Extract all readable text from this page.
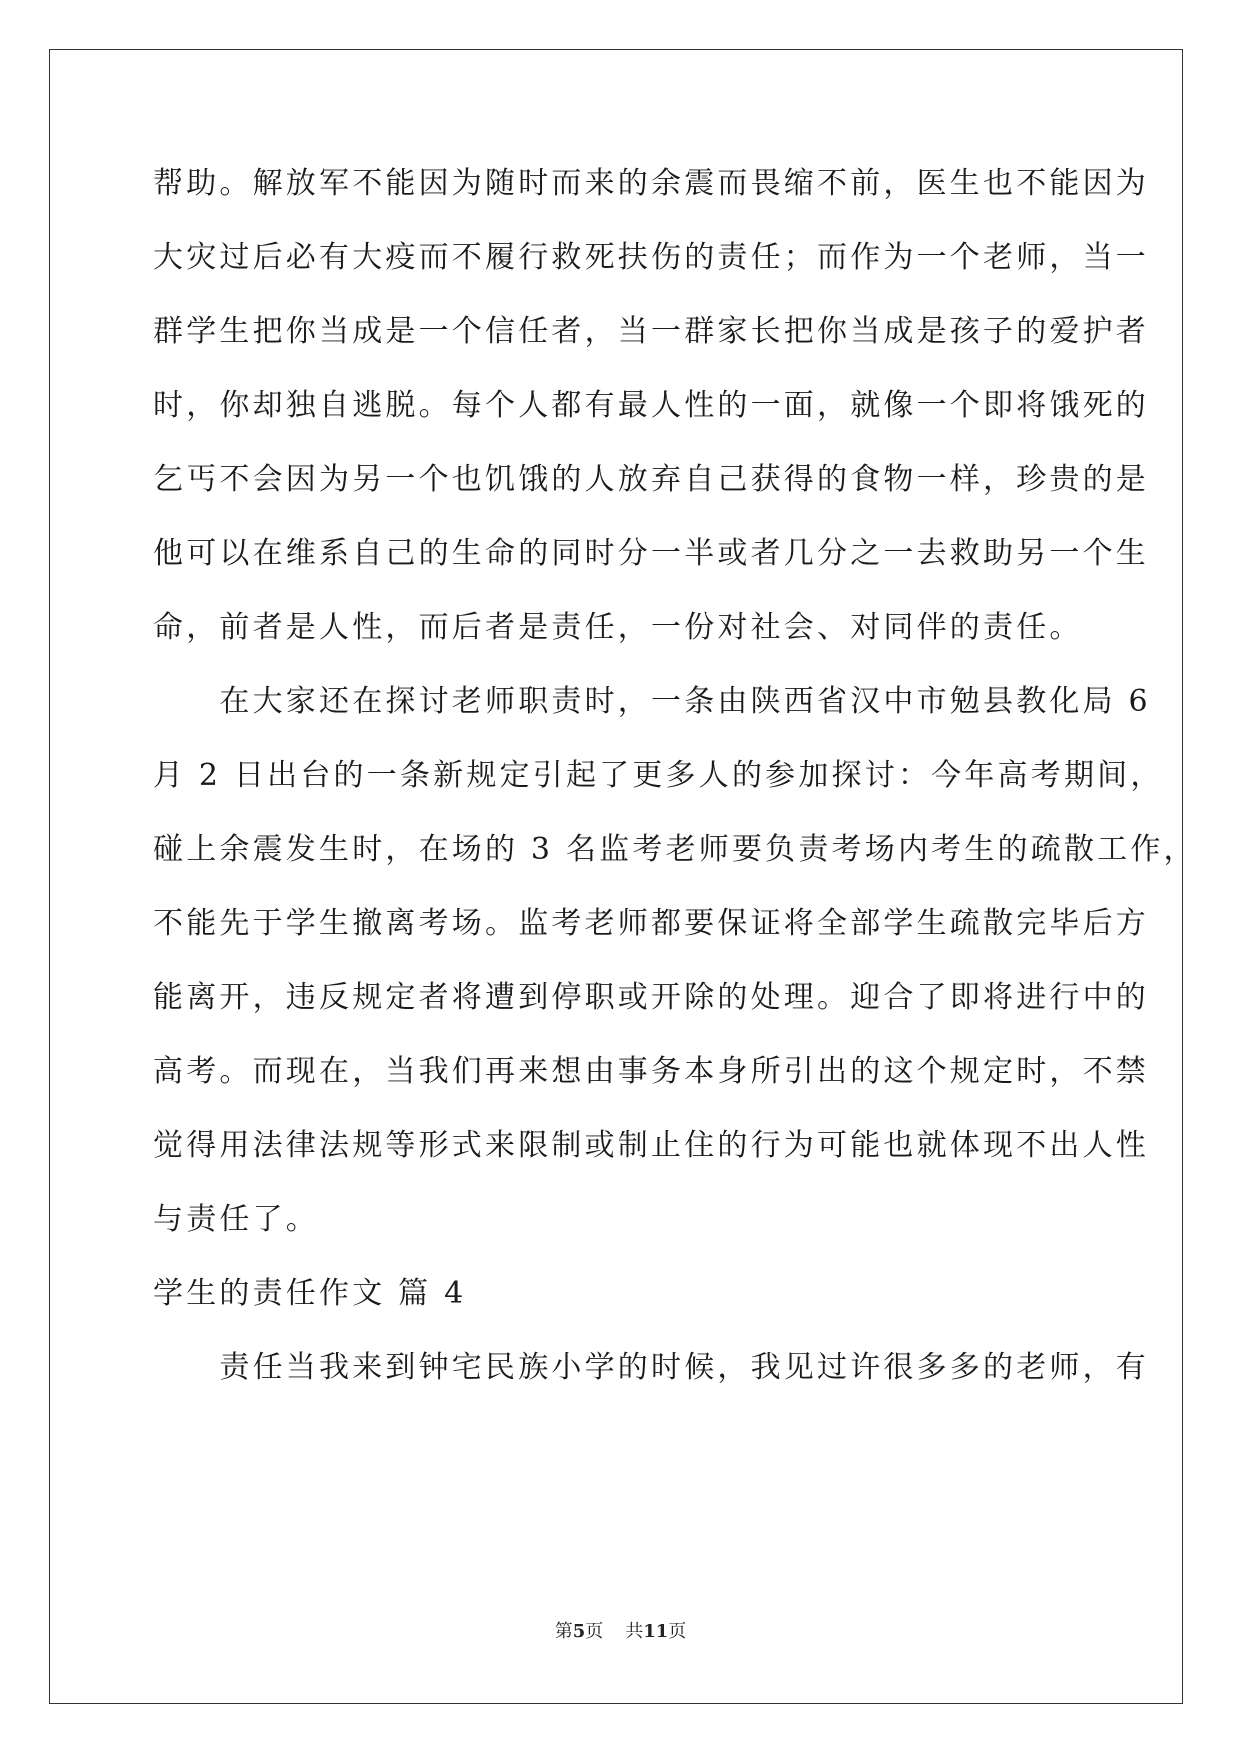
帮助。解放军不能因为随时而来的余震而畏缩不前，医生也不能因为
大灾过后必有大疫而不履行救死扶伤的责任；而作为一个老师，当一
群学生把你当成是一个信任者，当一群家长把你当成是孩子的爱护者
时，你却独自逃脱。每个人都有最人性的一面，就像一个即将饿死的
乞丐不会因为另一个也饥饿的人放弃自己获得的食物一样，珍贵的是
他可以在维系自己的生命的同时分一半或者几分之一去救助另一个生
命，前者是人性，而后者是责任，一份对社会、对同伴的责任。
　　在大家还在探讨老师职责时，一条由陕西省汉中市勉县教化局 6
月 2 日出台的一条新规定引起了更多人的参加探讨：今年高考期间，
碰上余震发生时，在场的 3 名监考老师要负责考场内考生的疏散工作，
不能先于学生撤离考场。监考老师都要保证将全部学生疏散完毕后方
能离开，违反规定者将遭到停职或开除的处理。迎合了即将进行中的
高考。而现在，当我们再来想由事务本身所引出的这个规定时，不禁
觉得用法律法规等形式来限制或制止住的行为可能也就体现不出人性
与责任了。
学生的责任作文 篇 4
　　责任当我来到钟宅民族小学的时候，我见过许很多多的老师，有
第5页 共11页
